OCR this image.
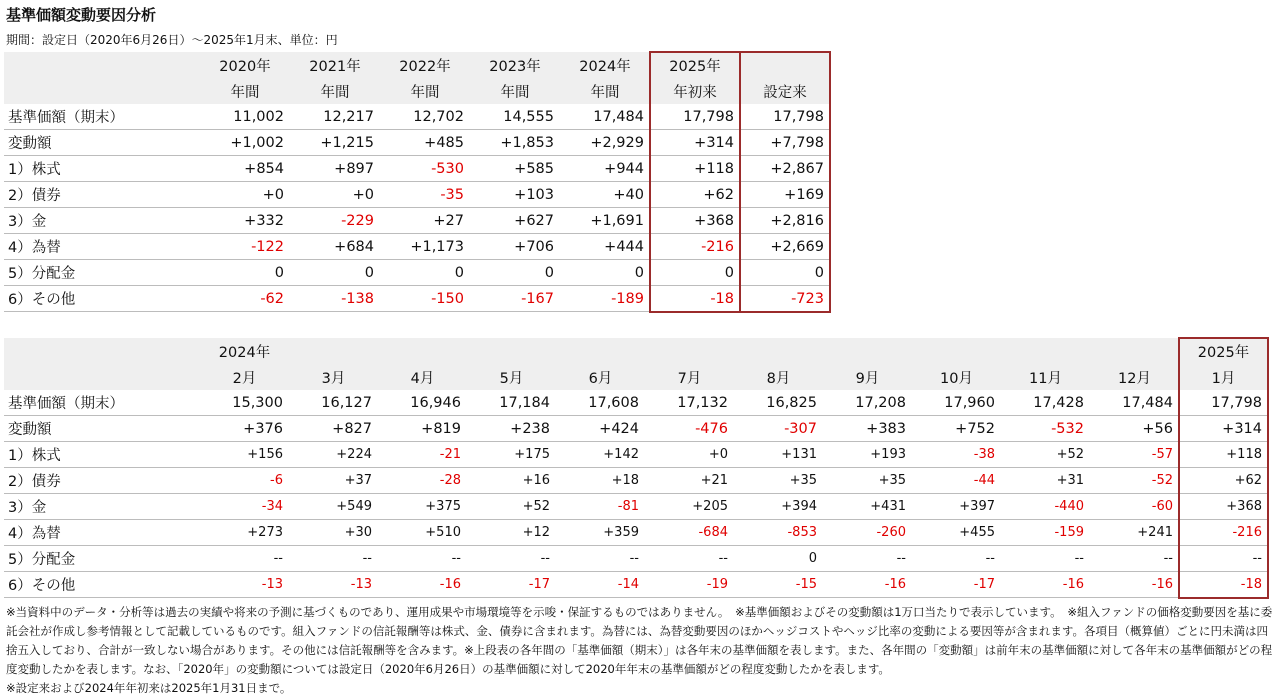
基準価額変動要因分析
期間：設定日（2020年6月26日）～2025年1月末、単位：円
	2020年	2021年	2022年	2023年	2024年	2025年	
	年間	年間	年間	年間	年間	年初来	設定来
基準価額（期末）	11,002	12,217	12,702	14,555	17,484	17,798	17,798
変動額	+1,002	+1,215	+485	+1,853	+2,929	+314	+7,798
1）株式	+854	+897	-530	+585	+944	+118	+2,867
2）債券	+0	+0	-35	+103	+40	+62	+169
3）金	+332	-229	+27	+627	+1,691	+368	+2,816
4）為替	-122	+684	+1,173	+706	+444	-216	+2,669
5）分配金	0	0	0	0	0	0	0
6）その他	-62	-138	-150	-167	-189	-18	-723
	2024年											2025年
	2月	3月	4月	5月	6月	7月	8月	9月	10月	11月	12月	1月
基準価額（期末）	15,300	16,127	16,946	17,184	17,608	17,132	16,825	17,208	17,960	17,428	17,484	17,798
変動額	+376	+827	+819	+238	+424	-476	-307	+383	+752	-532	+56	+314
1）株式	+156	+224	-21	+175	+142	+0	+131	+193	-38	+52	-57	+118
2）債券	-6	+37	-28	+16	+18	+21	+35	+35	-44	+31	-52	+62
3）金	-34	+549	+375	+52	-81	+205	+394	+431	+397	-440	-60	+368
4）為替	+273	+30	+510	+12	+359	-684	-853	-260	+455	-159	+241	-216
5）分配金	--	--	--	--	--	--	0	--	--	--	--	--
6）その他	-13	-13	-16	-17	-14	-19	-15	-16	-17	-16	-16	-18

※当資料中のデータ・分析等は過去の実績や将来の予測に基づくものであり、運用成果や市場環境等を示唆・保証するものではありません。　※基準価額およびその変動額は1万口当たりで表示しています。　※組入ファンドの価格変動要因を基に委託会社が作成し参考情報として記載しているものです。組入ファンドの信託報酬等は株式、金、債券に含まれます。為替には、為替変動要因のほかヘッジコストやヘッジ比率の変動による要因等が含まれます。各項目（概算値）ごとに円未満は四捨五入しており、合計が一致しない場合があります。その他には信託報酬等を含みます。※上段表の各年間の「基準価額（期末）」は各年末の基準価額を表します。また、各年間の「変動額」は前年末の基準価額に対して各年末の基準価額がどの程度変動したかを表します。なお、「2020年」の変動額については設定日（2020年6月26日）の基準価額に対して2020年年末の基準価額がどの程度変動したかを表します。

※設定来および2024年年初来は2025年1月31日まで。
